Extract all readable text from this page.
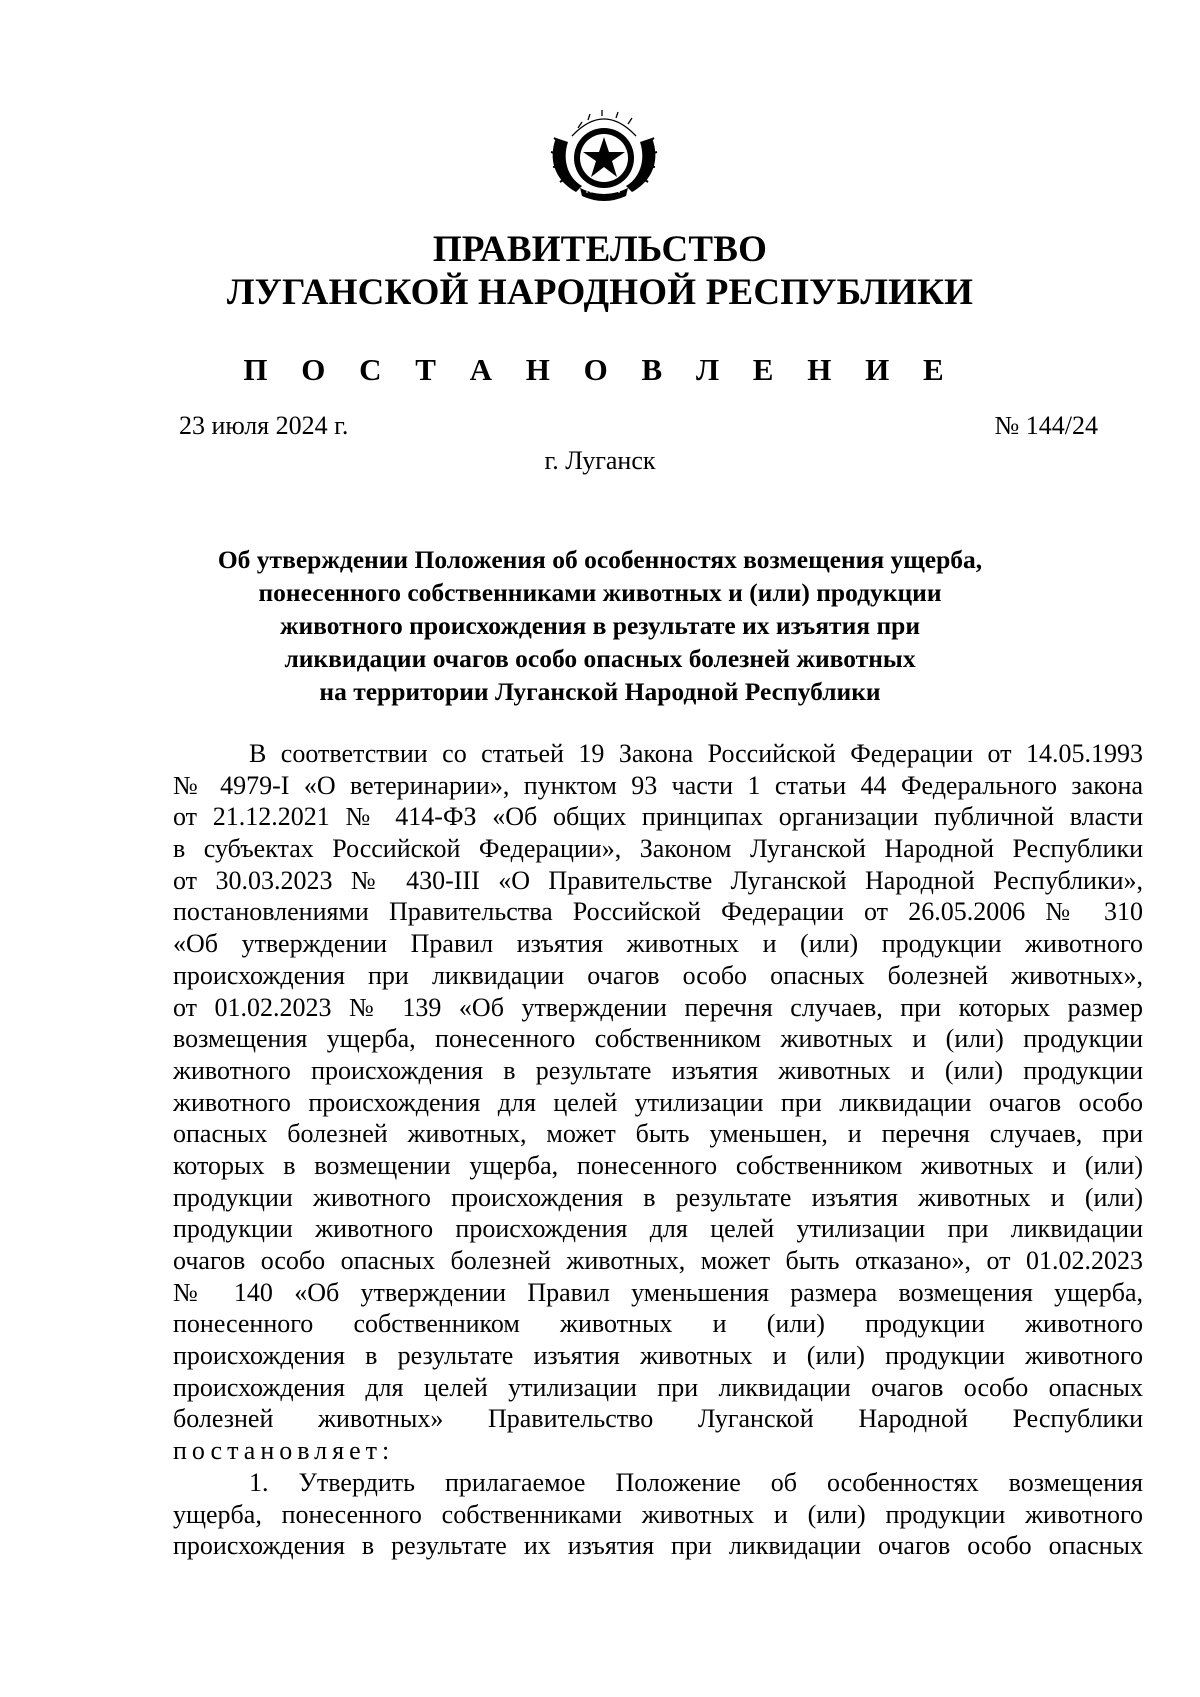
ПРАВИТЕЛЬСТВО
ЛУГАНСКОЙ НАРОДНОЙ РЕСПУБЛИКИ
П О С Т А Н О В Л Е Н И Е
23 июля 2024 г.	№ 144/24
г. Луганск
Об утверждении Положения об особенностях возмещения ущерба,
понесенного собственниками животных и (или) продукции
животного происхождения в результате их изъятия при
ликвидации очагов особо опасных болезней животных
на территории Луганской Народной Республики
В соответствии со статьей 19 Закона Российской Федерации от 14.05.1993
№ 4979-I «О ветеринарии», пунктом 93 части 1 статьи 44 Федерального закона
от 21.12.2021 № 414-ФЗ «Об общих принципах организации публичной власти
в субъектах Российской Федерации», Законом Луганской Народной Республики
от 30.03.2023 № 430-III «О Правительстве Луганской Народной Республики»,
постановлениями Правительства Российской Федерации от 26.05.2006 № 310
«Об утверждении Правил изъятия животных и (или) продукции животного
происхождения при ликвидации очагов особо опасных болезней животных»,
от 01.02.2023 № 139 «Об утверждении перечня случаев, при которых размер
возмещения ущерба, понесенного собственником животных и (или) продукции
животного происхождения в результате изъятия животных и (или) продукции
животного происхождения для целей утилизации при ликвидации очагов особо
опасных болезней животных, может быть уменьшен, и перечня случаев, при
которых в возмещении ущерба, понесенного собственником животных и (или)
продукции животного происхождения в результате изъятия животных и (или)
продукции животного происхождения для целей утилизации при ликвидации
очагов особо опасных болезней животных, может быть отказано», от 01.02.2023
№ 140 «Об утверждении Правил уменьшения размера возмещения ущерба,
понесенного собственником животных и (или) продукции животного
происхождения в результате изъятия животных и (или) продукции животного
происхождения для целей утилизации при ликвидации очагов особо опасных
болезней животных» Правительство Луганской Народной Республики
постановляет:
1. Утвердить прилагаемое Положение об особенностях возмещения
ущерба, понесенного собственниками животных и (или) продукции животного
происхождения в результате их изъятия при ликвидации очагов особо опасных
